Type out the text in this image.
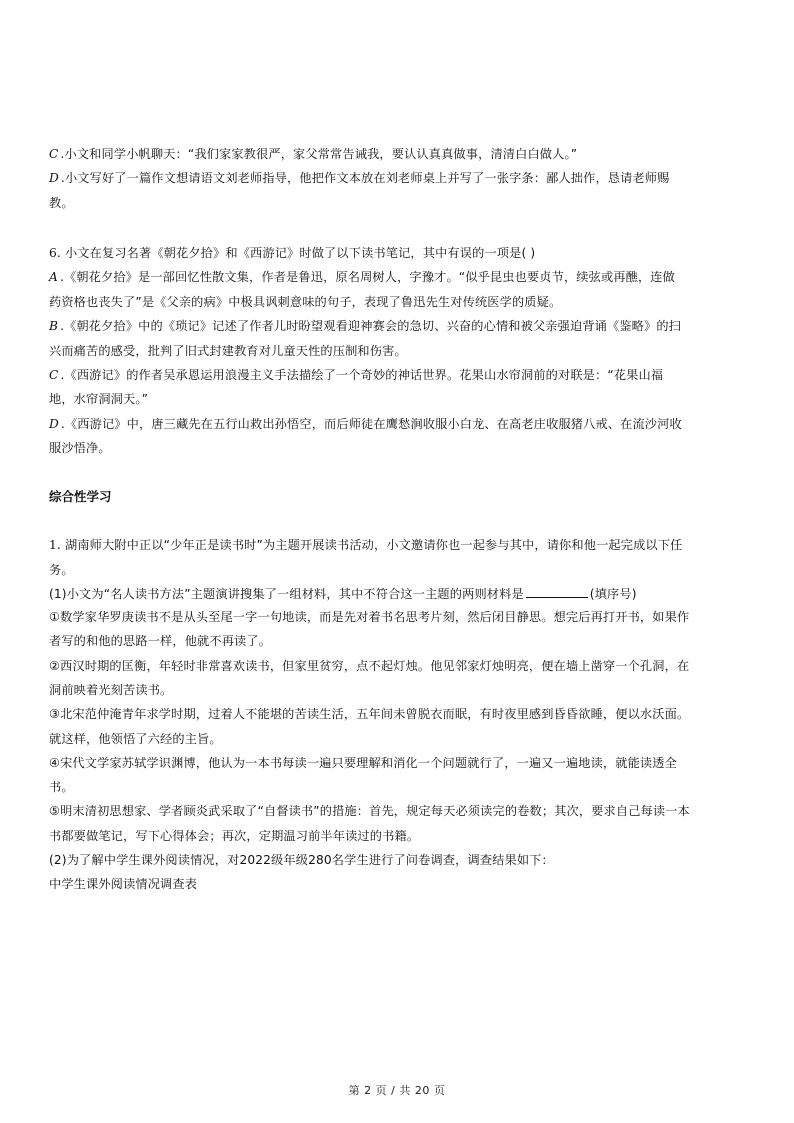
C .小文和同学小帆聊天：“我们家家教很严，家父常常告诫我，要认认真真做事，清清白白做人。”
D .小文写好了一篇作文想请语文刘老师指导，他把作文本放在刘老师桌上并写了一张字条：鄙人拙作，恳请老师赐
教。
6. 小文在复习名著《朝花夕拾》和《西游记》时做了以下读书笔记，其中有误的一项是( )
A .《朝花夕拾》是一部回忆性散文集，作者是鲁迅，原名周树人，字豫才。“似乎昆虫也要贞节，续弦或再醮，连做
药资格也丧失了”是《父亲的病》中极具讽刺意味的句子，表现了鲁迅先生对传统医学的质疑。
B .《朝花夕拾》中的《琐记》记述了作者儿时盼望观看迎神赛会的急切、兴奋的心情和被父亲强迫背诵《鉴略》的扫
兴而痛苦的感受，批判了旧式封建教育对儿童天性的压制和伤害。
C .《西游记》的作者吴承恩运用浪漫主义手法描绘了一个奇妙的神话世界。花果山水帘洞前的对联是：“花果山福
地，水帘洞洞天。”
D .《西游记》中，唐三藏先在五行山救出孙悟空，而后师徒在鹰愁涧收服小白龙、在高老庄收服猪八戒、在流沙河收
服沙悟净。
综合性学习
1. 湖南师大附中正以“少年正是读书时”为主题开展读书活动，小文邀请你也一起参与其中，请你和他一起完成以下任
务。
(1)小文为“名人读书方法”主题演讲搜集了一组材料，其中不符合这一主题的两则材料是	(填序号)
①数学家华罗庚读书不是从头至尾一字一句地读，而是先对着书名思考片刻，然后闭目静思。想完后再打开书，如果作
者写的和他的思路一样，他就不再读了。
②西汉时期的匡衡，年轻时非常喜欢读书，但家里贫穷，点不起灯烛。他见邻家灯烛明亮，便在墙上凿穿一个孔洞，在
洞前映着光刻苦读书。
③北宋范仲淹青年求学时期，过着人不能堪的苦读生活，五年间未曾脱衣而眠，有时夜里感到昏昏欲睡，便以水沃面。
就这样，他领悟了六经的主旨。
④宋代文学家苏轼学识渊博，他认为一本书每读一遍只要理解和消化一个问题就行了，一遍又一遍地读，就能读透全
书。
⑤明末清初思想家、学者顾炎武采取了“自督读书”的措施：首先，规定每天必须读完的卷数；其次，要求自己每读一本
书都要做笔记，写下心得体会；再次，定期温习前半年读过的书籍。
(2)为了解中学生课外阅读情况，对2022级年级280名学生进行了问卷调查，调查结果如下：
中学生课外阅读情况调查表
第 2 页 / 共 20 页
